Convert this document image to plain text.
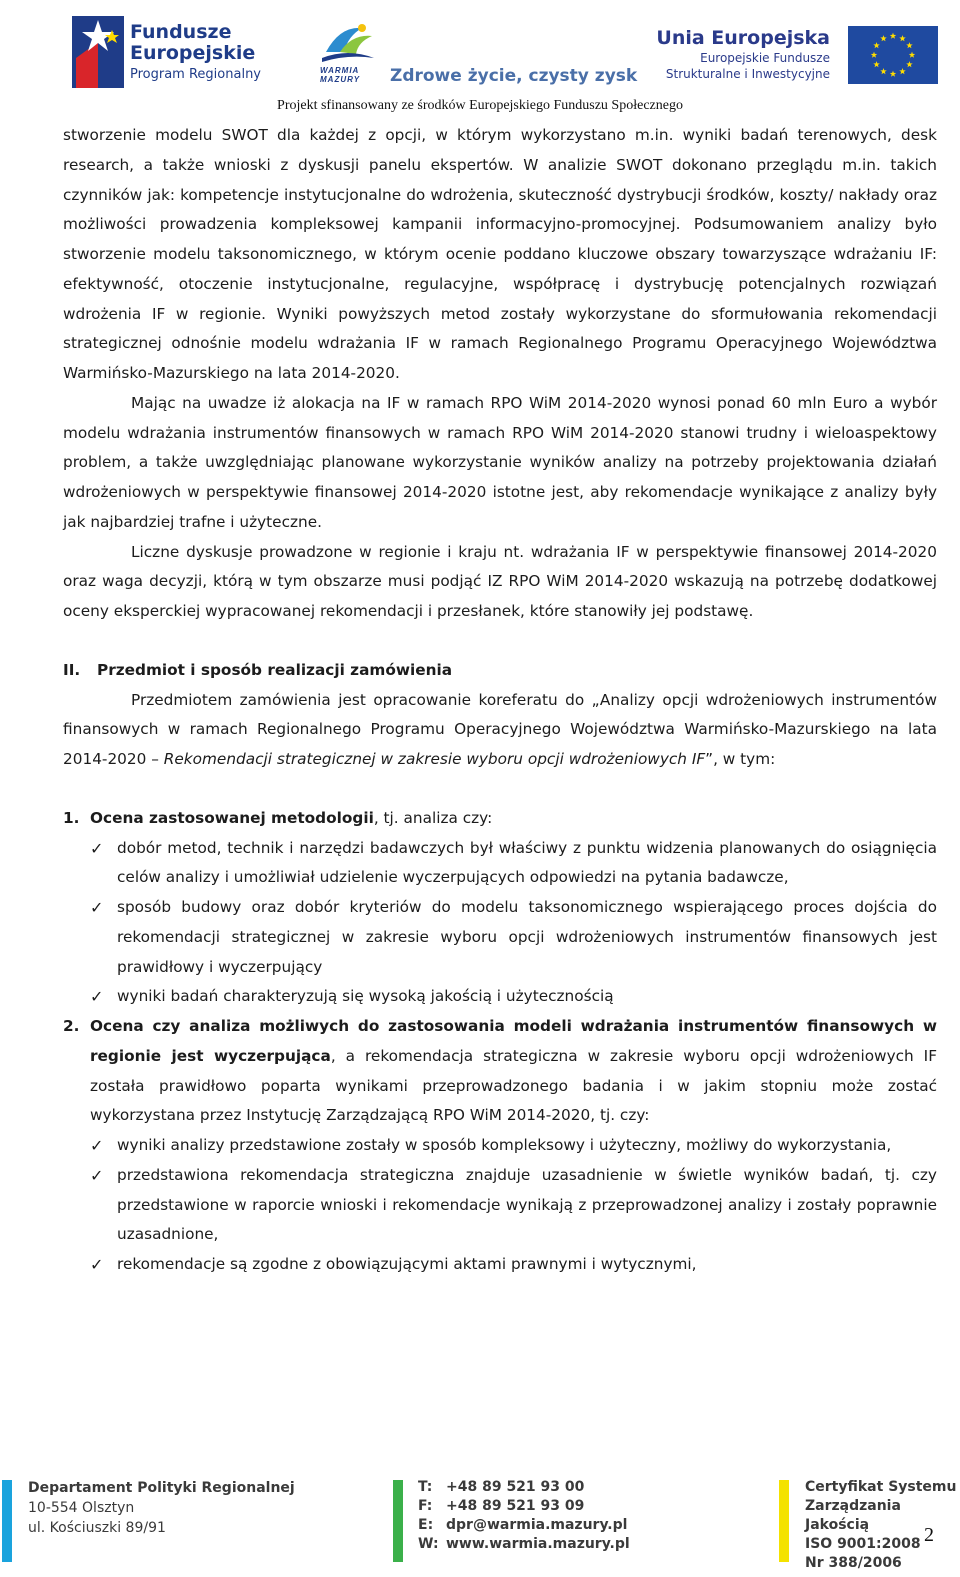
Fundusze
Europejskie
Program Regionalny	WARMIA MAZURY	Zdrowe życie, czysty zysk
Unia Europejska
Europejskie Fundusze
Strukturalne i Inwestycyjne
Projekt sfinansowany ze środków Europejskiego Funduszu Społecznego

stworzenie modelu SWOT dla każdej z opcji, w którym wykorzystano m.in. wyniki badań terenowych, desk research, a także wnioski z dyskusji panelu ekspertów. W analizie SWOT dokonano przeglądu m.in. takich czynników jak: kompetencje instytucjonalne do wdrożenia, skuteczność dystrybucji środków, koszty/ nakłady oraz możliwości prowadzenia kompleksowej kampanii informacyjno-promocyjnej. Podsumowaniem analizy było stworzenie modelu taksonomicznego, w którym ocenie poddano kluczowe obszary towarzyszące wdrażaniu IF: efektywność, otoczenie instytucjonalne, regulacyjne, współpracę i dystrybucję potencjalnych rozwiązań wdrożenia IF w regionie. Wyniki powyższych metod zostały wykorzystane do sformułowania rekomendacji strategicznej odnośnie modelu wdrażania IF w ramach Regionalnego Programu Operacyjnego Województwa Warmińsko-Mazurskiego na lata 2014-2020.

Mając na uwadze iż alokacja na IF w ramach RPO WiM 2014-2020 wynosi ponad 60 mln Euro a wybór modelu wdrażania instrumentów finansowych w ramach RPO WiM 2014-2020 stanowi trudny i wieloaspektowy problem, a także uwzględniając planowane wykorzystanie wyników analizy na potrzeby projektowania działań wdrożeniowych w perspektywie finansowej 2014-2020 istotne jest, aby rekomendacje wynikające z analizy były jak najbardziej trafne i użyteczne.

Liczne dyskusje prowadzone w regionie i kraju nt. wdrażania IF w perspektywie finansowej 2014-2020 oraz waga decyzji, którą w tym obszarze musi podjąć IZ RPO WiM 2014-2020 wskazują na potrzebę dodatkowej oceny eksperckiej wypracowanej rekomendacji i przesłanek, które stanowiły jej podstawę.

II.	Przedmiot i sposób realizacji zamówienia

Przedmiotem zamówienia jest opracowanie koreferatu do „Analizy opcji wdrożeniowych instrumentów finansowych w ramach Regionalnego Programu Operacyjnego Województwa Warmińsko-Mazurskiego na lata 2014-2020 – Rekomendacji strategicznej w zakresie wyboru opcji wdrożeniowych IF”, w tym:

1. Ocena zastosowanej metodologii, tj. analiza czy:
✓ dobór metod, technik i narzędzi badawczych był właściwy z punktu widzenia planowanych do osiągnięcia celów analizy i umożliwiał udzielenie wyczerpujących odpowiedzi na pytania badawcze,
✓ sposób budowy oraz dobór kryteriów do modelu taksonomicznego wspierającego proces dojścia do rekomendacji strategicznej w zakresie wyboru opcji wdrożeniowych instrumentów finansowych jest prawidłowy i wyczerpujący
✓ wyniki badań charakteryzują się wysoką jakością i użytecznością
2. Ocena czy analiza możliwych do zastosowania modeli wdrażania instrumentów finansowych w regionie jest wyczerpująca, a rekomendacja strategiczna w zakresie wyboru opcji wdrożeniowych IF została prawidłowo poparta wynikami przeprowadzonego badania i w jakim stopniu może zostać wykorzystana przez Instytucję Zarządzającą RPO WiM 2014-2020, tj. czy:
✓ wyniki analizy przedstawione zostały w sposób kompleksowy i użyteczny, możliwy do wykorzystania,
✓ przedstawiona rekomendacja strategiczna znajduje uzasadnienie w świetle wyników badań, tj. czy przedstawione w raporcie wnioski i rekomendacje wynikają z przeprowadzonej analizy i zostały poprawnie uzasadnione,
✓ rekomendacje są zgodne z obowiązującymi aktami prawnymi i wytycznymi,
Departament Polityki Regionalnej
10-554 Olsztyn
ul. Kościuszki 89/91
T: +48 89 521 93 00
F: +48 89 521 93 09
E: dpr@warmia.mazury.pl
W: www.warmia.mazury.pl
Certyfikat Systemu
Zarządzania Jakością
ISO 9001:2008
Nr 388/2006
2
